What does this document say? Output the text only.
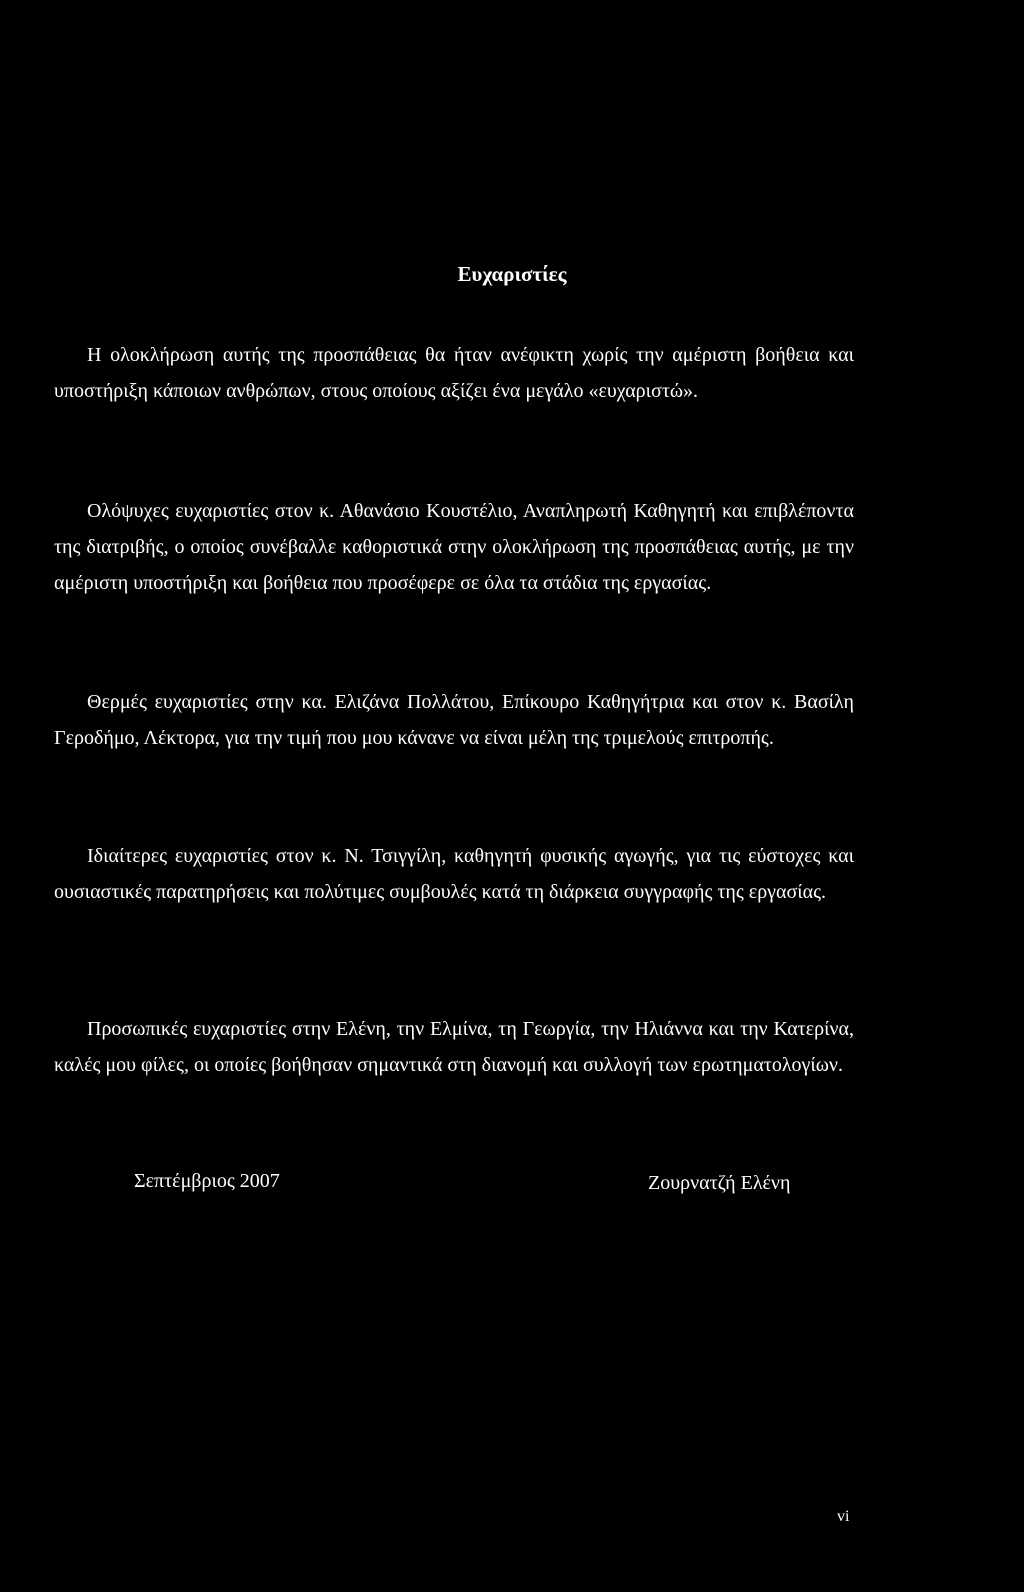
Ευχαριστίες

Η ολοκλήρωση αυτής της προσπάθειας θα ήταν ανέφικτη χωρίς την αμέριστη βοήθεια και υποστήριξη κάποιων ανθρώπων, στους οποίους αξίζει ένα μεγάλο «ευχαριστώ».

Ολόψυχες ευχαριστίες στον κ. Αθανάσιο Κουστέλιο, Αναπληρωτή Καθηγητή και επιβλέποντα της διατριβής, ο οποίος συνέβαλλε καθοριστικά στην ολοκλήρωση της προσπάθειας αυτής, με την αμέριστη υποστήριξη και βοήθεια που προσέφερε σε όλα τα στάδια της εργασίας.

Θερμές ευχαριστίες στην κα. Ελιζάνα Πολλάτου, Επίκουρο Καθηγήτρια και στον κ. Βασίλη Γεροδήμο, Λέκτορα, για την τιμή που μου κάνανε να είναι μέλη της τριμελούς επιτροπής.

Ιδιαίτερες ευχαριστίες στον κ. Ν. Τσιγγίλη, καθηγητή φυσικής αγωγής, για τις εύστοχες και ουσιαστικές παρατηρήσεις και πολύτιμες συμβουλές κατά τη διάρκεια συγγραφής της εργασίας.

Προσωπικές ευχαριστίες στην Ελένη, την Ελμίνα, τη Γεωργία, την Ηλιάννα και την Κατερίνα, καλές μου φίλες, οι οποίες βοήθησαν σημαντικά στη διανομή και συλλογή των ερωτηματολογίων.

Σεπτέμβριος 2007	Ζουρνατζή Ελένη

vi
